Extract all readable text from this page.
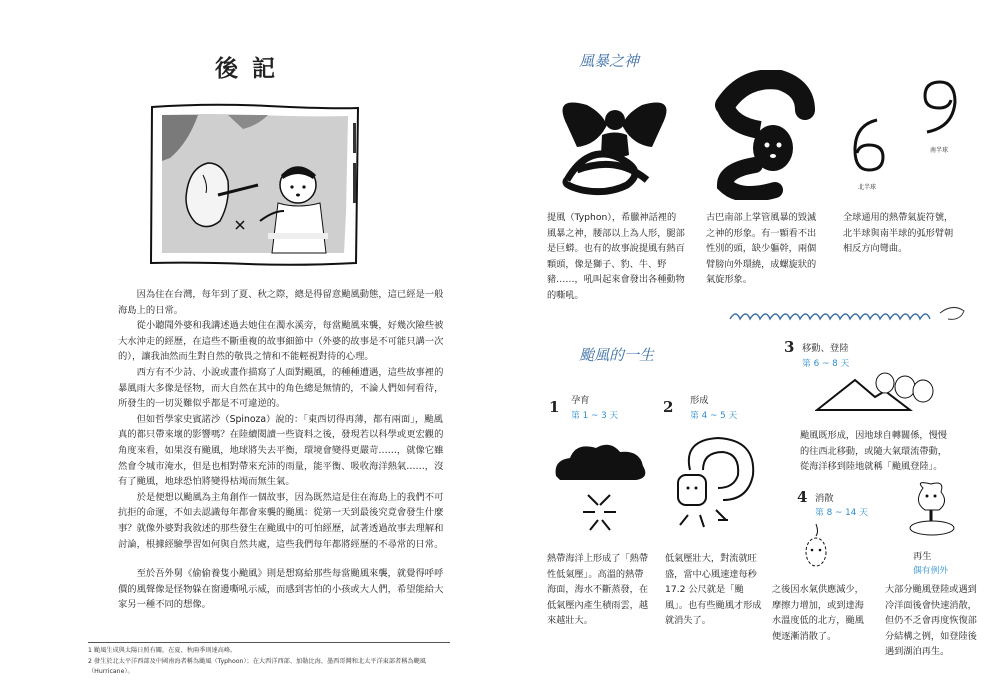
後記

因為住在台灣，每年到了夏、秋之際，總是得留意颱風動態，這已經是一般海島上的日常。

從小聽聞外婆和我講述過去她住在濁水溪旁，每當颱風來襲，好幾次險些被大水沖走的經歷，在這些不斷重複的故事細節中（外婆的故事是不可能只講一次的），讓我油然而生對自然的敬畏之情和不能輕視對待的心理。

西方有不少詩、小說或畫作描寫了人面對颶風，的種種遭遇，這些故事裡的暴風雨大多像是怪物，而大自然在其中的角色總是無情的，不論人們如何看待，所發生的一切災難似乎都是不可違逆的。

但如哲學家史賓諾沙（Spinoza）說的：「東西切得再薄，都有兩面」，颱風真的都只帶來壞的影響嗎？在陸續閱讀一些資料之後，發現若以科學或更宏觀的角度來看，如果沒有颱風，地球將失去平衡，環境會變得更嚴苛……，就像它雖然會令城市淹水，但是也相對帶來充沛的雨量，能平衡、吸收海洋熱氣……，沒有了颱風，地球恐怕將變得枯竭而無生氣。

於是便想以颱風為主角創作一個故事，因為既然這是住在海島上的我們不可抗拒的命運，不如去認識每年都會來襲的颱風：從第一天到最後究竟會發生什麼事？就像外婆對我敘述的那些發生在颱風中的可怕經歷，試著透過故事去理解和討論，根據經驗學習如何與自然共處，這些我們每年都將經歷的不尋常的日常。

至於吾外舅《偷偷養隻小颱風》則是想寫給那些每當颱風來襲，就覺得呼呼價的風聲像是怪物躲在窗邊嘶吼示威，而感到害怕的小孩或大人們，希望能給大家另一種不同的想像。

1 颱風生成與太陽日照有關，在夏、秋兩季則達高峰。
2 發生於北太平洋西部及中國南海者稱為颱風（Typhoon）；在大西洋西部、加勒比海、墨西哥灣和北太平洋東部者稱為颶風（Hurricane）。
風暴之神
北半球
南半球
提風（Typhon），希臘神話裡的風暴之神，腰部以上為人形，腿部是巨蟒。也有的故事說提風有熱百顆頭，像是獅子、豹、牛、野豬……，吼叫起來會發出各種動物的嘶吼。
古巴南部上掌管風暴的毀滅之神的形象。有一顆看不出性別的頭，缺少軀幹，兩個臂膀向外環繞，成螺旋狀的氣旋形象。
全球通用的熱帶氣旋符號，北半球與南半球的弧形臂朝相反方向彎曲。
颱風的一生
1 孕育
第 1 ~ 3 天	2 形成
第 4 ~ 5 天
3 移動、登陸
第 6 ~ 8 天
颱風既形成，因地球自轉關係，慢慢的往西北移動，或隨大氣環流帶動，從海洋移到陸地就稱「颱風登陸」。
4 消散
第 8 ~ 14 天
再生
偶有例外
熱帶海洋上形成了「熱帶性低氣壓」。高溫的熱帶海面，海水不斷蒸發，在低氣壓內產生積雨雲，越來越壯大。
低氣壓壯大，對流就旺盛，當中心風速達每秒 17.2 公尺就是「颱風」。也有些颱風才形成就消失了。
之後因水氣供應減少，摩擦力增加，或到達海水溫度低的北方，颱風便逐漸消散了。
大部分颱風登陸或遇到冷洋面後會快速消散，但仍不乏會再度恢復部分結構之例，如登陸後遇到湖泊再生。
